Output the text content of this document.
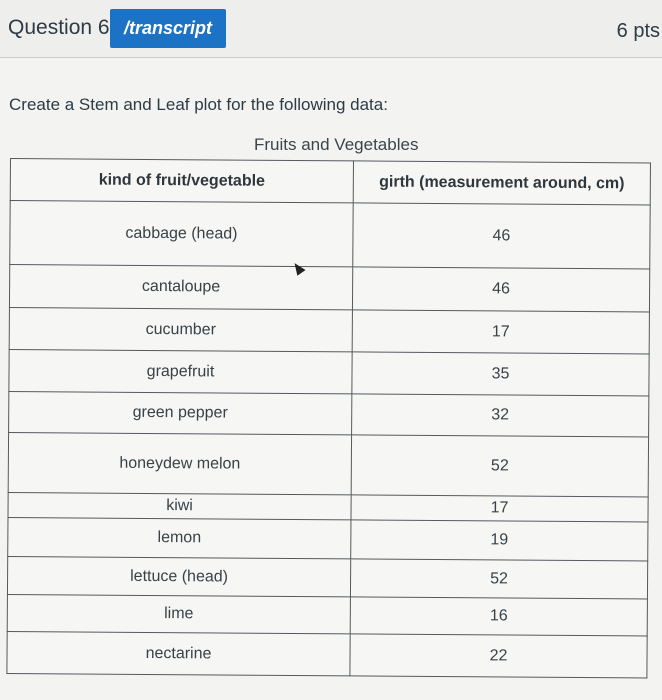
Question 6 /transcript	6 pts
Create a Stem and Leaf plot for the following data:
Fruits and Vegetables
kind of fruit/vegetable	girth (measurement around, cm)
cabbage (head)	46
cantaloupe	46
cucumber	17
grapefruit	35
green pepper	32
honeydew melon	52
kiwi	17
lemon	19
lettuce (head)	52
lime	16
nectarine	22
